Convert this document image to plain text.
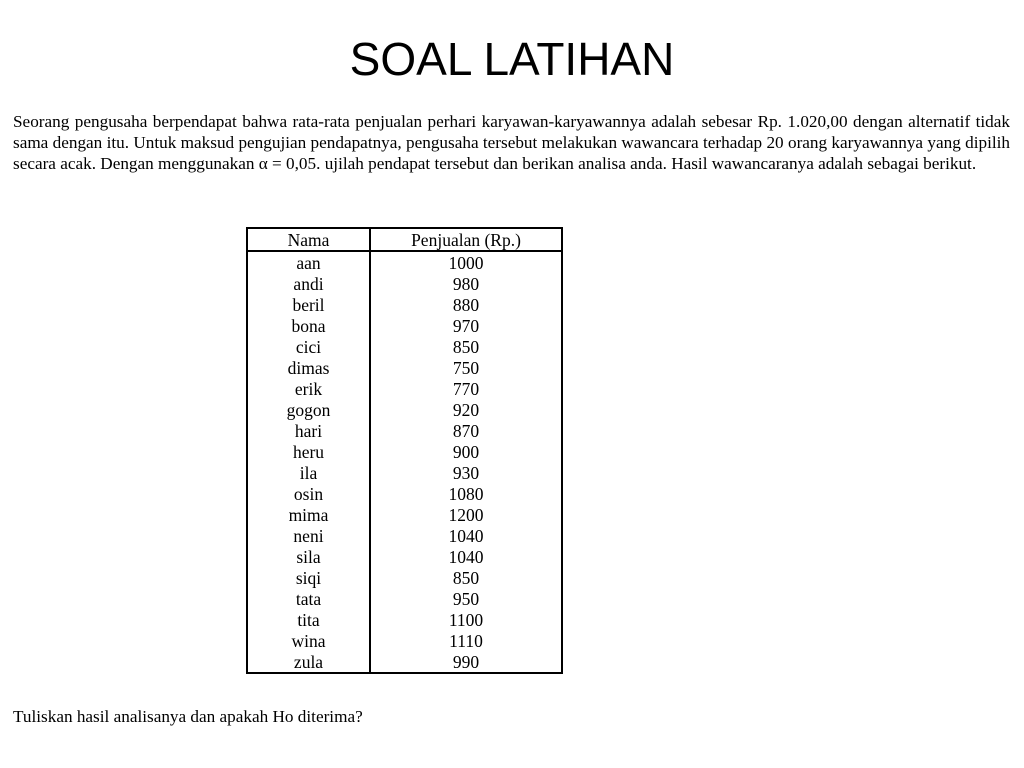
SOAL LATIHAN

Seorang pengusaha berpendapat bahwa rata-rata penjualan perhari karyawan-karyawannya adalah sebesar Rp. 1.020,00 dengan alternatif tidak sama dengan itu. Untuk maksud pengujian pendapatnya, pengusaha tersebut melakukan wawancara terhadap 20 orang karyawannya yang dipilih secara acak. Dengan menggunakan α = 0,05. ujilah pendapat tersebut dan berikan analisa anda. Hasil wawancaranya adalah sebagai berikut.

Nama	Penjualan (Rp.)
aan	1000
andi	980
beril	880
bona	970
cici	850
dimas	750
erik	770
gogon	920
hari	870
heru	900
ila	930
osin	1080
mima	1200
neni	1040
sila	1040
siqi	850
tata	950
tita	1100
wina	1110
zula	990

Tuliskan hasil analisanya dan apakah Ho diterima?
